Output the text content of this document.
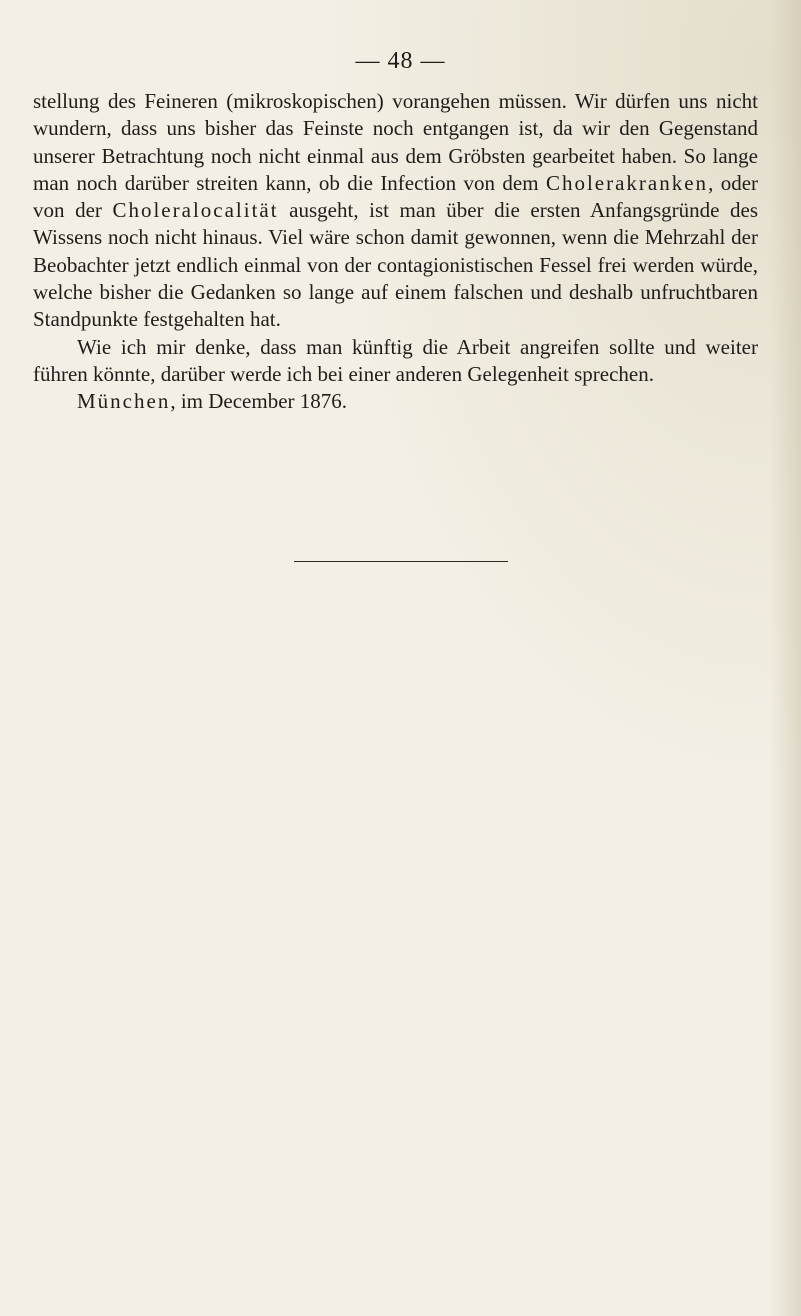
— 48 —

stellung des Feineren (mikroskopischen) vorangehen müssen. Wir dürfen uns nicht wundern, dass uns bisher das Feinste noch entgangen ist, da wir den Gegenstand unserer Betrachtung noch nicht einmal aus dem Gröbsten gearbeitet haben. So lange man noch darüber streiten kann, ob die Infection von dem Cholerakranken, oder von der Choleralocalität ausgeht, ist man über die ersten Anfangsgründe des Wissens noch nicht hinaus. Viel wäre schon damit gewonnen, wenn die Mehrzahl der Beobachter jetzt endlich einmal von der contagionistischen Fessel frei werden würde, welche bisher die Gedanken so lange auf einem falschen und deshalb unfruchtbaren Standpunkte festgehalten hat.

Wie ich mir denke, dass man künftig die Arbeit angreifen sollte und weiter führen könnte, darüber werde ich bei einer anderen Gelegenheit sprechen.

München, im December 1876.
